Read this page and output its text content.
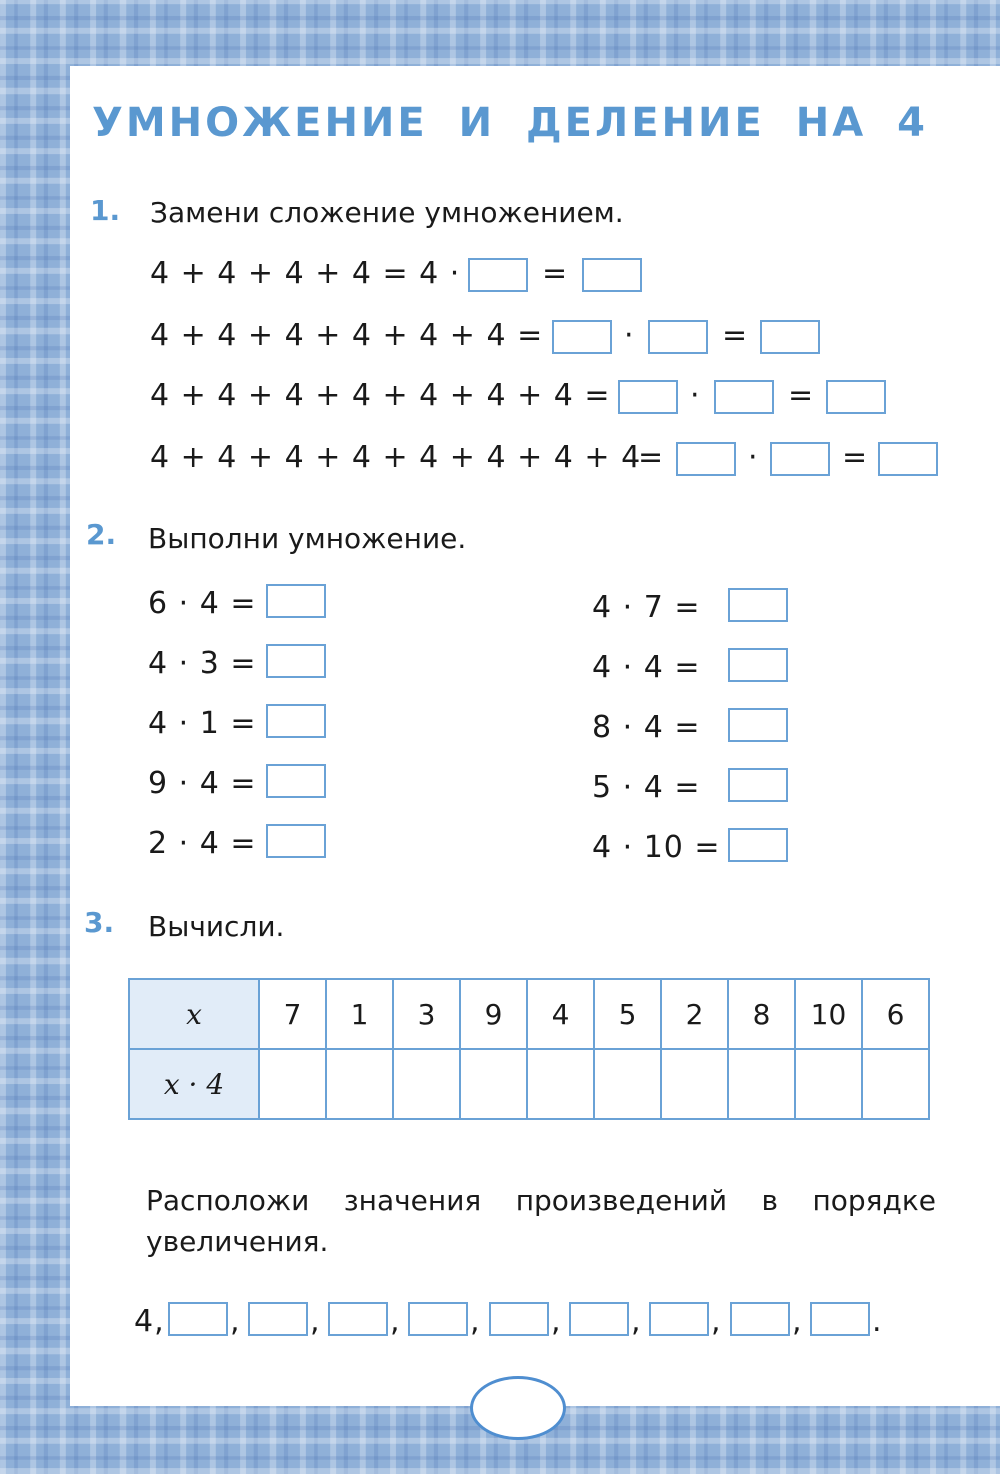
УМНОЖЕНИЕ И ДЕЛЕНИЕ НА 4
1. Замени сложение умножением.
4 + 4 + 4 + 4 = 4 ·	=
4 + 4 + 4 + 4 + 4 + 4 =	·	=
4 + 4 + 4 + 4 + 4 + 4 + 4 =	·	=
4 + 4 + 4 + 4 + 4 + 4 + 4 + 4
=	·	=
2. Выполни умножение.
6 · 4 =
4 · 3 =
4 · 1 =
9 · 4 =
2 · 4 =
4 · 7 =
4 · 4 =
8 · 4 =
5 · 4 =
4 · 10 =
3. Вычисли.
x	7	1	3	9	4	5	2	8	10	6
x · 4										
Расположи значения произведений в порядке увеличения.
4, , , , , , , , , .
